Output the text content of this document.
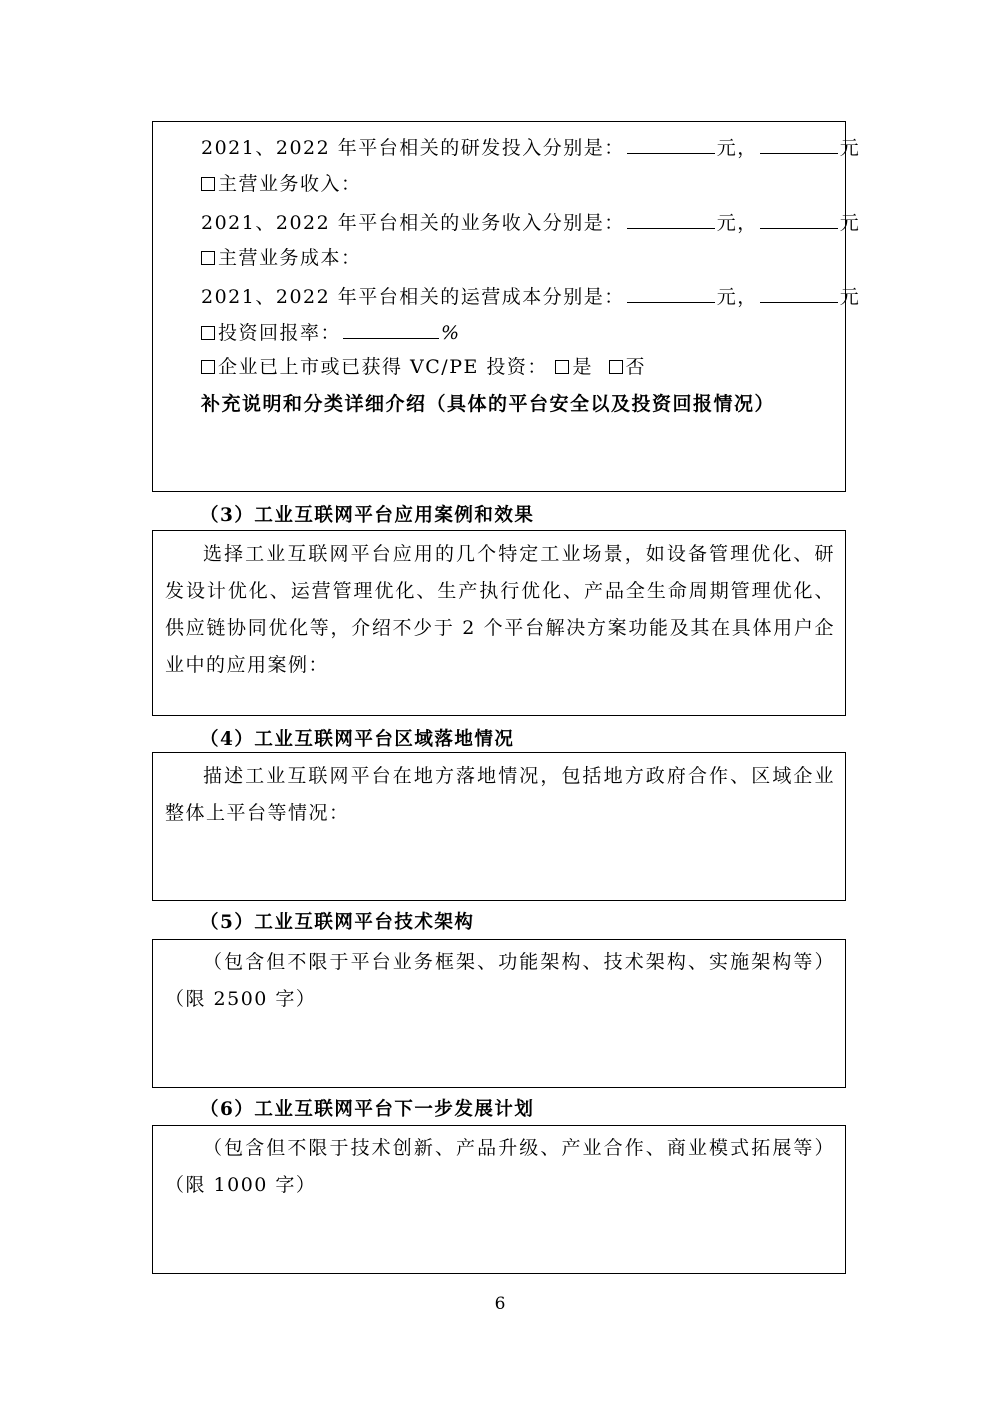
2021、2022 年平台相关的研发投入分别是：	元，	元
主营业务收入：
2021、2022 年平台相关的业务收入分别是：	元，	元
主营业务成本：
2021、2022 年平台相关的运营成本分别是：	元，	元
投资回报率：	%
企业已上市或已获得 VC/PE 投资： 是 否
补充说明和分类详细介绍（具体的平台安全以及投资回报情况）
（3）工业互联网平台应用案例和效果

选择工业互联网平台应用的几个特定工业场景，如设备管理优化、研发设计优化、运营管理优化、生产执行优化、产品全生命周期管理优化、供应链协同优化等，介绍不少于 2 个平台解决方案功能及其在具体用户企业中的应用案例：

（4）工业互联网平台区域落地情况

描述工业互联网平台在地方落地情况，包括地方政府合作、区域企业整体上平台等情况：

（5）工业互联网平台技术架构

（包含但不限于平台业务框架、功能架构、技术架构、实施架构等）（限 2500 字）

（6）工业互联网平台下一步发展计划

（包含但不限于技术创新、产品升级、产业合作、商业模式拓展等）（限 1000 字）

6
